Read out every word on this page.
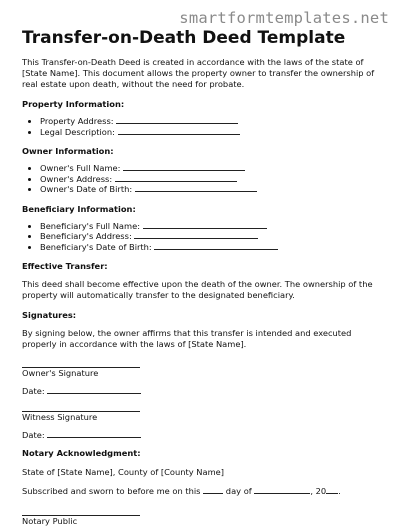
smartformtemplates.net
Transfer-on-Death Deed Template

This Transfer-on-Death Deed is created in accordance with the laws of the state of [State Name]. This document allows the property owner to transfer the ownership of real estate upon death, without the need for probate.

Property Information:

• Property Address:
• Legal Description:

Owner Information:

• Owner's Full Name:
• Owner's Address:
• Owner's Date of Birth:

Beneficiary Information:

• Beneficiary's Full Name:
• Beneficiary's Address:
• Beneficiary's Date of Birth:

Effective Transfer:

This deed shall become effective upon the death of the owner. The ownership of the property will automatically transfer to the designated beneficiary.

Signatures:

By signing below, the owner affirms that this transfer is intended and executed properly in accordance with the laws of [State Name].

Owner's Signature

Date:

Witness Signature

Date:

Notary Acknowledgment:

State of [State Name], County of [County Name]

Subscribed and sworn to before me on this	day of	, 20 .

Notary Public
